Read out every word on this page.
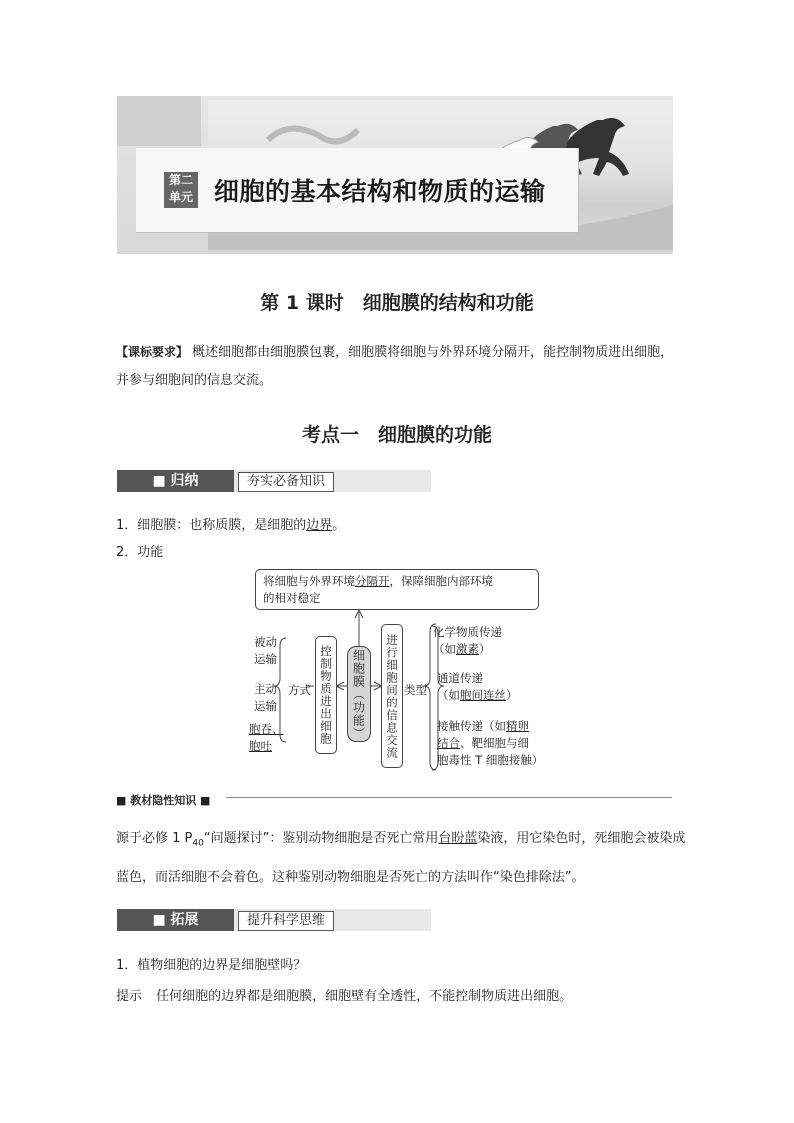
第二
单元 细胞的基本结构和物质的运输
第 1 课时　细胞膜的结构和功能
【课标要求】 概述细胞都由细胞膜包裹，细胞膜将细胞与外界环境分隔开，能控制物质进出细胞，并参与细胞间的信息交流。
考点一　细胞膜的功能
■ 归纳	夯实必备知识
1．细胞膜：也称质膜，是细胞的边界。
2．功能
将细胞与外界环境分隔开，保障细胞内部环境
的相对稳定
细胞膜（功能）
控制物质进出细胞	进行细胞间的信息交流
方式	类型
被动
运输
主动
运输
胞吞、
胞吐
化学物质传递
（如激素）
通道传递
（如胞间连丝）
接触传递（如精卵
结合、靶细胞与细
胞毒性 T 细胞接触）
■ 教材隐性知识 ■
源于必修 1 $P_{40}“$问题探讨”：鉴别动物细胞是否死亡常用台盼蓝染液，用它染色时，死细胞会被染成蓝色，而活细胞不会着色。这种鉴别动物细胞是否死亡的方法叫作“染色排除法”。
■ 拓展	提升科学思维
1．植物细胞的边界是细胞壁吗？
提示 任何细胞的边界都是细胞膜，细胞壁有全透性，不能控制物质进出细胞。
